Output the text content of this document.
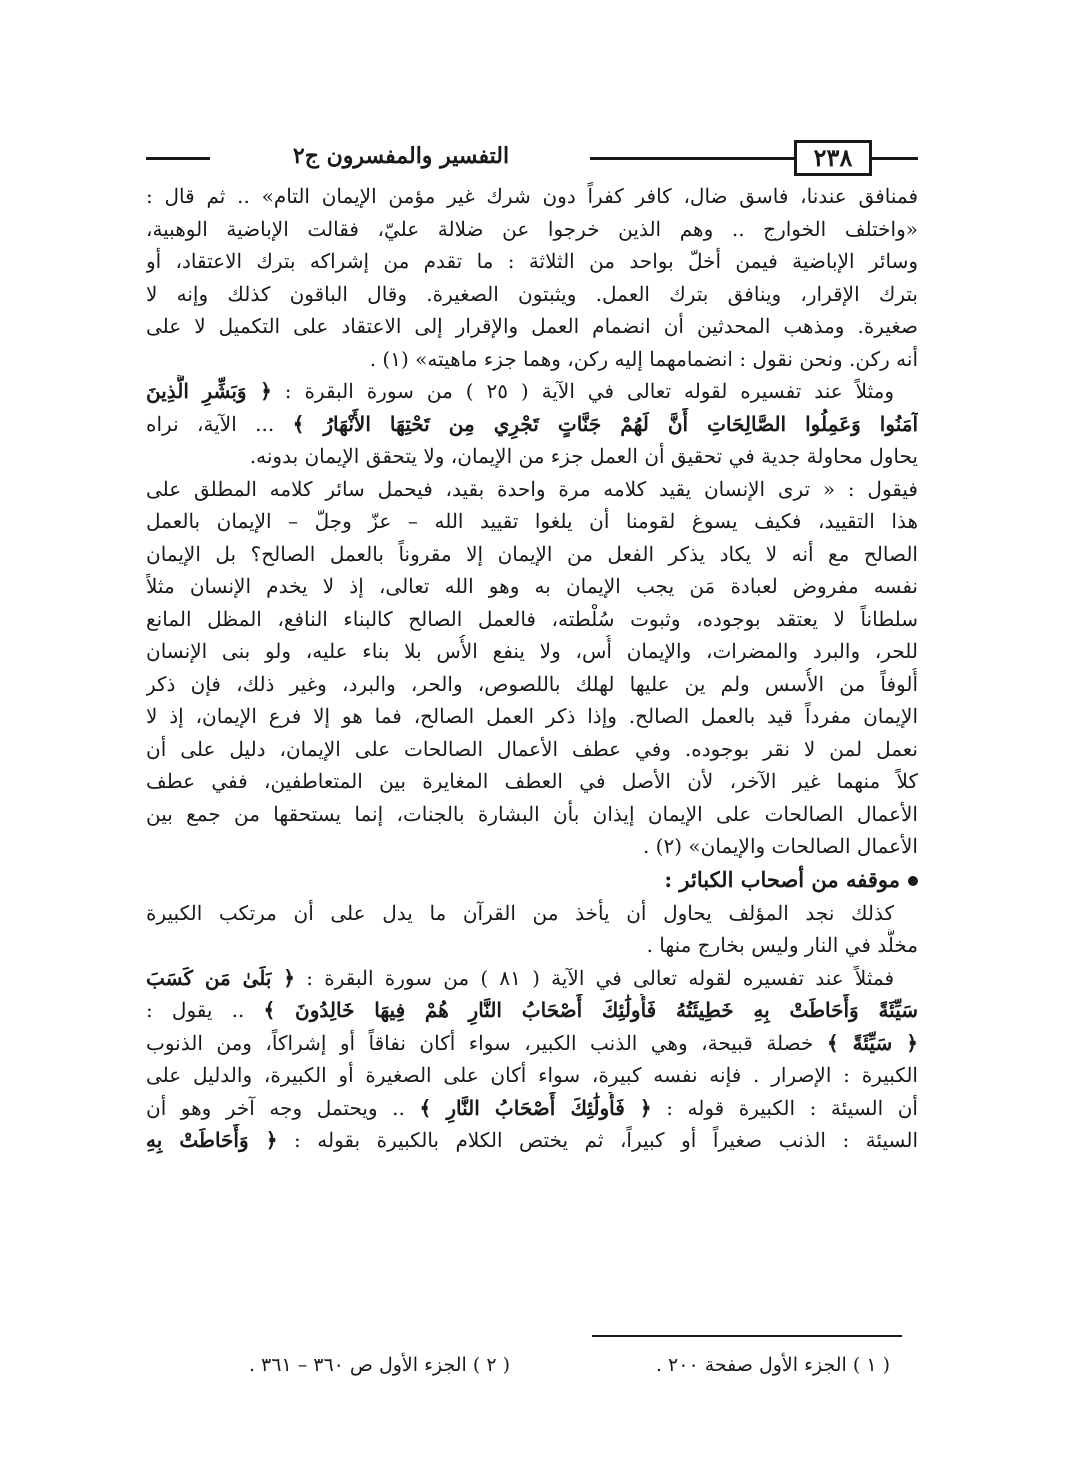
التفسير والمفسرون ج٢	٢٣٨
فمنافق عندنا، فاسق ضال، كافر كفراً دون شرك غير مؤمن الإيمان التام» .. ثم قال :
«واختلف الخوارج .. وهم الذين خرجوا عن ضلالة عليّ، فقالت الإباضية الوهبية،
وسائر الإباضية فيمن أخلّ بواحد من الثلاثة : ما تقدم من إشراكه بترك الاعتقاد، أو
بترك الإقرار، وينافق بترك العمل. ويثبتون الصغيرة. وقال الباقون كذلك وإنه لا
صغيرة. ومذهب المحدثين أن انضمام العمل والإقرار إلى الاعتقاد على التكميل لا على
أنه ركن. ونحن نقول : انضمامهما إليه ركن، وهما جزء ماهيته» (١) .
ومثلاً عند تفسيره لقوله تعالى في الآية ( ٢٥ ) من سورة البقرة : ﴿ وَبَشِّرِ الَّذِينَ
آمَنُوا وَعَمِلُوا الصَّالِحَاتِ أَنَّ لَهُمْ جَنَّاتٍ تَجْرِي مِن تَحْتِهَا الأَنْهَارُ ﴾ ... الآية، نراه
يحاول محاولة جدية في تحقيق أن العمل جزء من الإيمان، ولا يتحقق الإيمان بدونه.
فيقول : « ترى الإنسان يقيد كلامه مرة واحدة بقيد، فيحمل سائر كلامه المطلق على
هذا التقييد، فكيف يسوغ لقومنا أن يلغوا تقييد الله – عزّ وجلّ – الإيمان بالعمل
الصالح مع أنه لا يكاد يذكر الفعل من الإيمان إلا مقروناً بالعمل الصالح؟ بل الإيمان
نفسه مفروض لعبادة مَن يجب الإيمان به وهو الله تعالى، إذ لا يخدم الإنسان مثلاً
سلطاناً لا يعتقد بوجوده، وثبوت سُلْطته، فالعمل الصالح كالبناء النافع، المظل المانع
للحر، والبرد والمضرات، والإيمان أُس، ولا ينفع الأُس بلا بناء عليه، ولو بنى الإنسان
أُلوفاً من الأُسس ولم ين عليها لهلك باللصوص، والحر، والبرد، وغير ذلك، فإن ذكر
الإيمان مفرداً قيد بالعمل الصالح. وإذا ذكر العمل الصالح، فما هو إلا فرع الإيمان، إذ لا
نعمل لمن لا نقر بوجوده. وفي عطف الأعمال الصالحات على الإيمان، دليل على أن
كلاً منهما غير الآخر، لأن الأصل في العطف المغايرة بين المتعاطفين، ففي عطف
الأعمال الصالحات على الإيمان إيذان بأن البشارة بالجنات، إنما يستحقها من جمع بين
الأعمال الصالحات والإيمان» (٢) .
موقفه من أصحاب الكبائر :
كذلك نجد المؤلف يحاول أن يأخذ من القرآن ما يدل على أن مرتكب الكبيرة
مخلَّد في النار وليس بخارج منها .
فمثلاً عند تفسيره لقوله تعالى في الآية ( ٨١ ) من سورة البقرة : ﴿ بَلَىٰ مَن كَسَبَ
سَيِّئَةً وَأَحَاطَتْ بِهِ خَطِيئَتُهُ فَأُولَٰئِكَ أَصْحَابُ النَّارِ هُمْ فِيهَا خَالِدُونَ ﴾ .. يقول :
﴿ سَيِّئَةً ﴾ خصلة قبيحة، وهي الذنب الكبير، سواء أكان نفاقاً أو إشراكاً، ومن الذنوب
الكبيرة : الإصرار . فإنه نفسه كبيرة، سواء أكان على الصغيرة أو الكبيرة، والدليل على
أن السيئة : الكبيرة قوله : ﴿ فَأُولَٰئِكَ أَصْحَابُ النَّارِ ﴾ .. ويحتمل وجه آخر وهو أن
السيئة : الذنب صغيراً أو كبيراً، ثم يختص الكلام بالكبيرة بقوله : ﴿ وَأَحَاطَتْ بِهِ
( ١ ) الجزء الأول صفحة ٢٠٠ .
( ٢ ) الجزء الأول ص ٣٦٠ – ٣٦١ .
